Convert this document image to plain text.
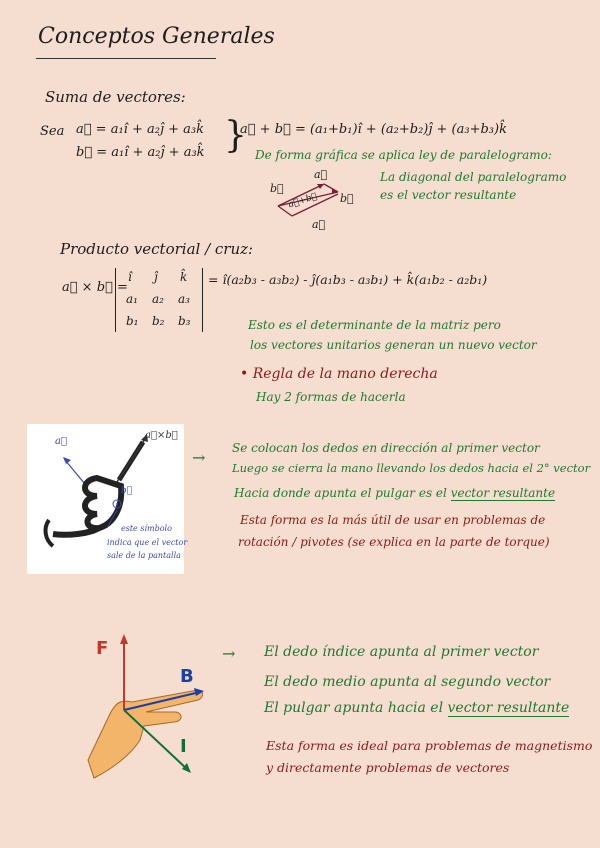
Conceptos Generales
Suma de vectores:
Sea a⃗ = a₁î + a₂ĵ + a₃k̂
b⃗ = a₁î + a₂ĵ + a₃k̂ }
a⃗ + b⃗ = (a₁+b₁)î + (a₂+b₂)ĵ + (a₃+b₃)k̂
De forma gráfica se aplica ley de paralelogramo:
a⃗
b⃗
b⃗
a⃗
a⃗+b⃗
La diagonal del paralelogramo
es el vector resultante
Producto vectorial / cruz:
a⃗ × b⃗ =
î ĵ k̂
a₁ a₂ a₃
b₁ b₂ b₃
= î(a₂b₃ - a₃b₂) - ĵ(a₁b₃ - a₃b₁) + k̂(a₁b₂ - a₂b₁)
Esto es el determinante de la matriz pero
los vectores unitarios generan un nuevo vector
• Regla de la mano derecha
Hay 2 formas de hacerla
a⃗
a⃗×b⃗
b⃗
este símbolo
indica que el vector
sale de la pantalla
→ Se colocan los dedos en dirección al primer vector
Luego se cierra la mano llevando los dedos hacia el 2° vector
Hacia donde apunta el pulgar es el vector resultante
Esta forma es la más útil de usar en problemas de
rotación / pivotes (se explica en la parte de torque)
F
B
I
→ El dedo índice apunta al primer vector
El dedo medio apunta al segundo vector
El pulgar apunta hacia el vector resultante
Esta forma es ideal para problemas de magnetismo
y directamente problemas de vectores
